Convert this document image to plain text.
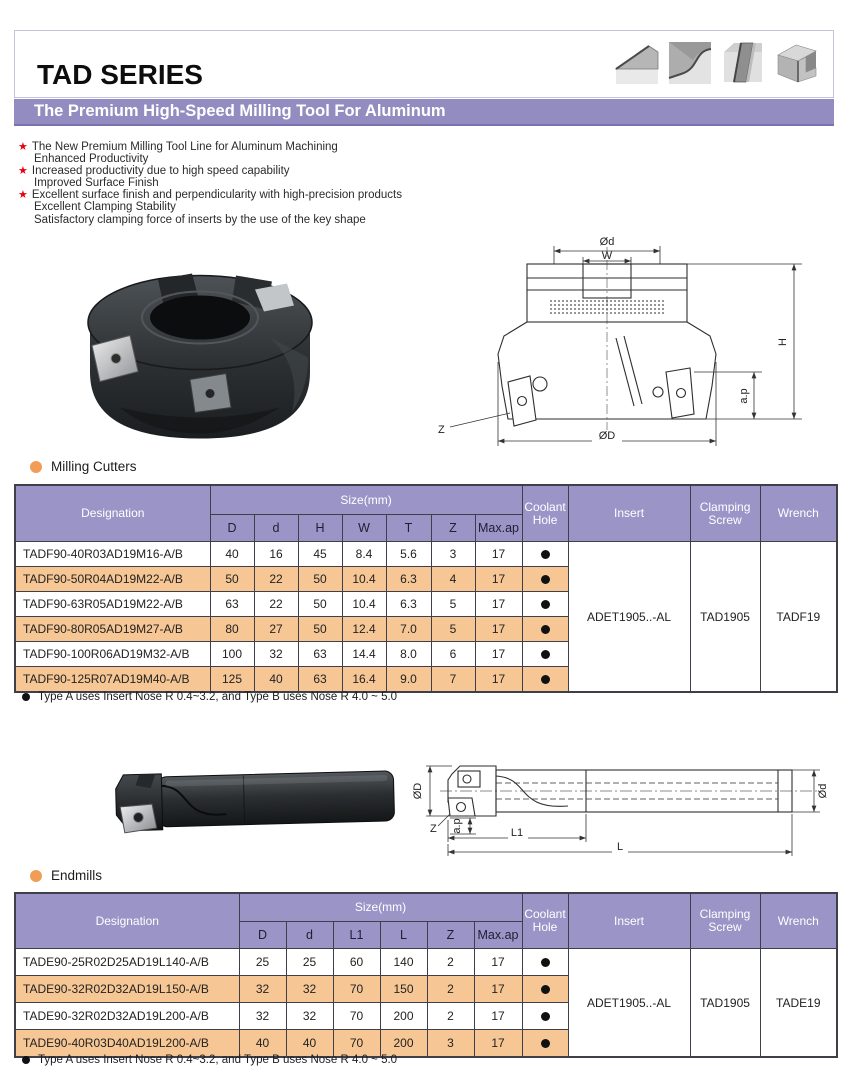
TAD SERIES
The Premium High-Speed Milling Tool For Aluminum
★ The New Premium Milling Tool Line for Aluminum Machining
Enhanced Productivity
★ Increased productivity due to high speed capability
Improved Surface Finish
★ Excellent surface finish and perpendicularity with high-precision products
Excellent Clamping Stability
Satisfactory clamping force of inserts by the use of the key shape
Ød
W
H
a.p
ØD
Z
Milling Cutters
Designation	Size(mm)							Coolant Hole	Insert	Clamping Screw	Wrench
	D	d	H	W	T	Z	Max.ap				
TADF90-40R03AD19M16-A/B	40	16	45	8.4	5.6	3	17		ADET1905..-AL	TAD1905	TADF19
TADF90-50R04AD19M22-A/B	50	22	50	10.4	6.3	4	17				
TADF90-63R05AD19M22-A/B	63	22	50	10.4	6.3	5	17				
TADF90-80R05AD19M27-A/B	80	27	50	12.4	7.0	5	17				
TADF90-100R06AD19M32-A/B	100	32	63	14.4	8.0	6	17				
TADF90-125R07AD19M40-A/B	125	40	63	16.4	9.0	7	17				
Type A uses Insert Nose R 0.4~3.2, and Type B uses Nose R 4.0 ~ 5.0
ØD	Ød
a.p
Z	L1
L
Endmills
Designation	Size(mm)						Coolant Hole	Insert	Clamping Screw	Wrench
	D	d	L1	L	Z	Max.ap				
TADE90-25R02D25AD19L140-A/B	25	25	60	140	2	17		ADET1905..-AL	TAD1905	TADE19
TADE90-32R02D32AD19L150-A/B	32	32	70	150	2	17				
TADE90-32R02D32AD19L200-A/B	32	32	70	200	2	17				
TADE90-40R03D40AD19L200-A/B	40	40	70	200	3	17				
Type A uses Insert Nose R 0.4~3.2, and Type B uses Nose R 4.0 ~ 5.0
